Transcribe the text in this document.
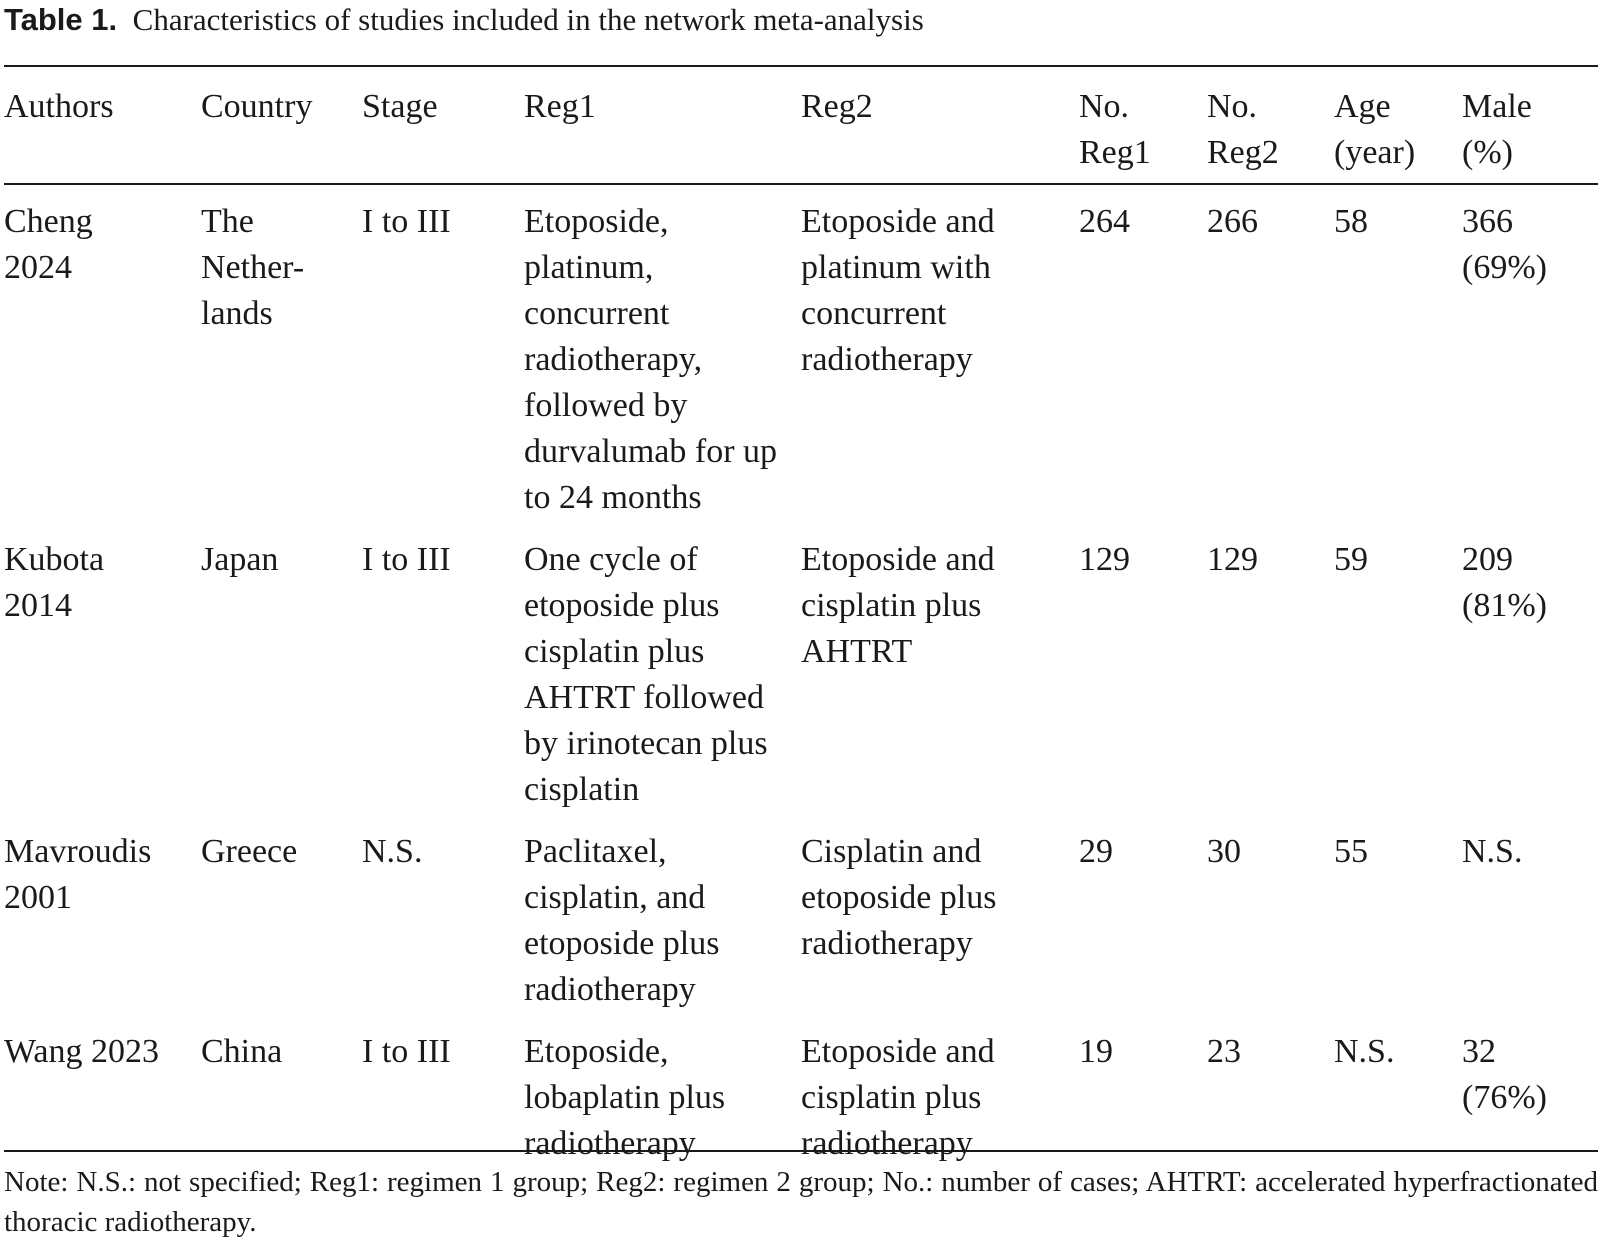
Table 1. Characteristics of studies included in the network meta-analysis
Authors	Country	Stage	Reg1	Reg2	No. Reg1	No. Reg2	Age (year)	Male (%)
Cheng 2024	The Nether-lands	I to III	Etoposide, platinum, concurrent radiotherapy, followed by durvalumab for up to 24 months	Etoposide and platinum with concurrent radiotherapy	264	266	58	366 (69%)
Kubota 2014	Japan	I to III	One cycle of etoposide plus cisplatin plus AHTRT followed by irinotecan plus cisplatin	Etoposide and cisplatin plus AHTRT	129	129	59	209 (81%)
Mavroudis 2001	Greece	N.S.	Paclitaxel, cisplatin, and etoposide plus radiotherapy	Cisplatin and etoposide plus radiotherapy	29	30	55	N.S.
Wang 2023	China	I to III	Etoposide, lobaplatin plus radiotherapy	Etoposide and cisplatin plus radiotherapy	19	23	N.S.	32 (76%)
Note: N.S.: not specified; Reg1: regimen 1 group; Reg2: regimen 2 group; No.: number of cases; AHTRT: accelerated hyperfractionated thoracic radiotherapy.
